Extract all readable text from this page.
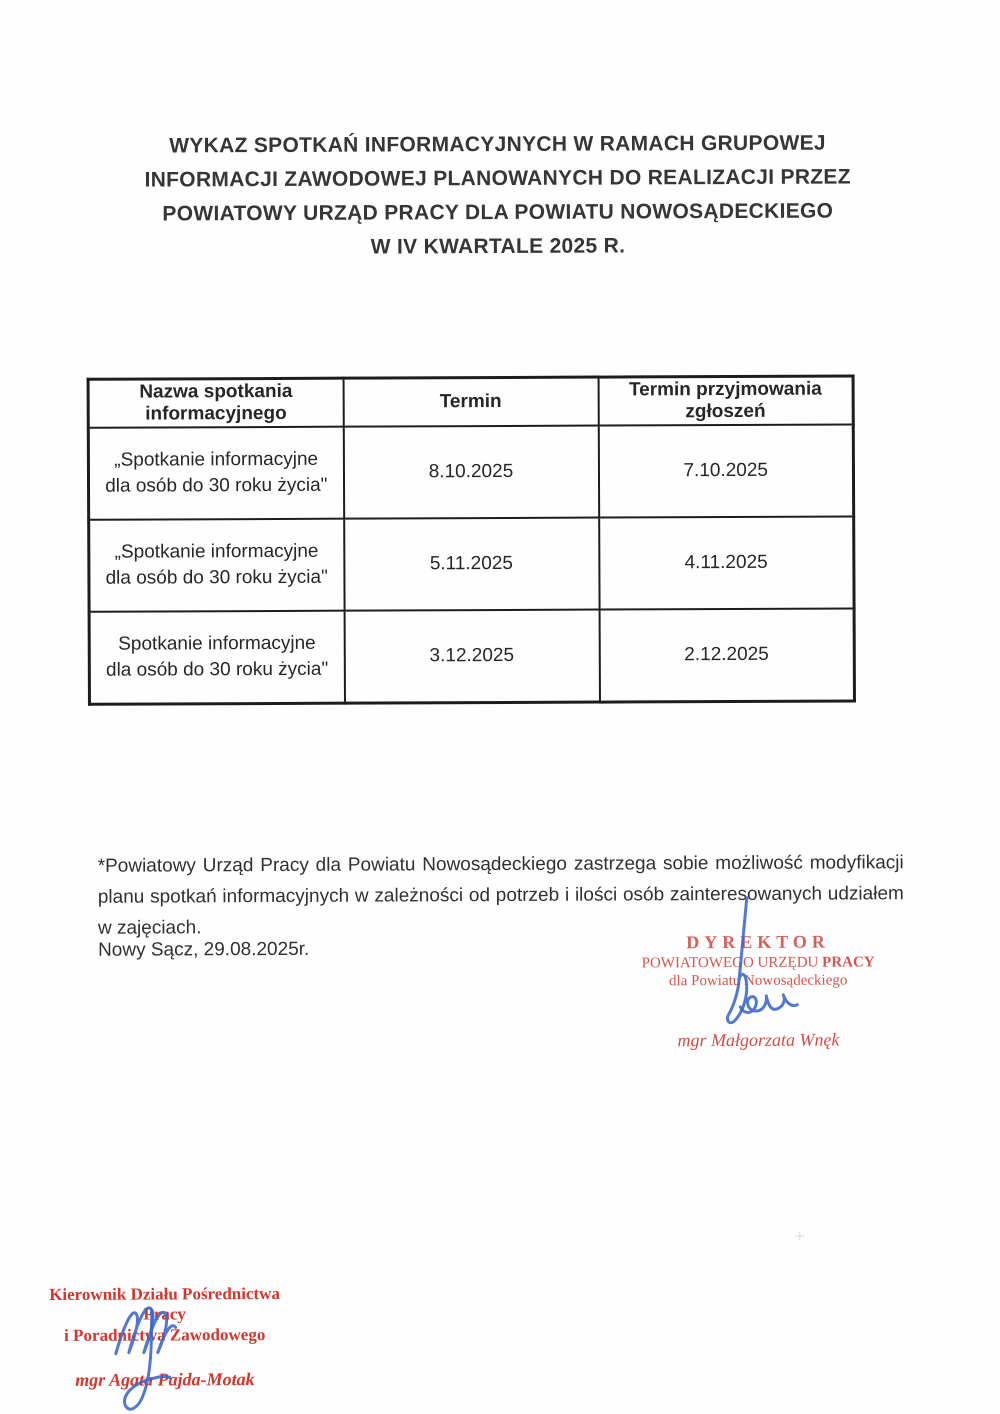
WYKAZ SPOTKAŃ INFORMACYJNYCH W RAMACH GRUPOWEJ
INFORMACJI ZAWODOWEJ PLANOWANYCH DO REALIZACJI PRZEZ
POWIATOWY URZĄD PRACY DLA POWIATU NOWOSĄDECKIEGO
W IV KWARTALE 2025 R.
Nazwa spotkania informacyjnego	Termin	Termin przyjmowania zgłoszeń

„Spotkanie informacyjne dla osób do 30 roku życia"	8.10.2025	7.10.2025

„Spotkanie informacyjne dla osób do 30 roku życia"	5.11.2025	4.11.2025

Spotkanie informacyjne dla osób do 30 roku życia"	3.12.2025	2.12.2025

*Powiatowy Urząd Pracy dla Powiatu Nowosądeckiego zastrzega sobie możliwość modyfikacji planu spotkań informacyjnych w zależności od potrzeb i ilości osób zainteresowanych udziałem w zajęciach.

Nowy Sącz, 29.08.2025r.	DYREKTOR
POWIATOWEGO URZĘDU PRACY
dla Powiatu Nowosądeckiego
mgr Małgorzata Wnęk
Kierownik Działu Pośrednictwa Pracy
i Poradnictwa Zawodowego
mgr Agata Pajda-Motak
